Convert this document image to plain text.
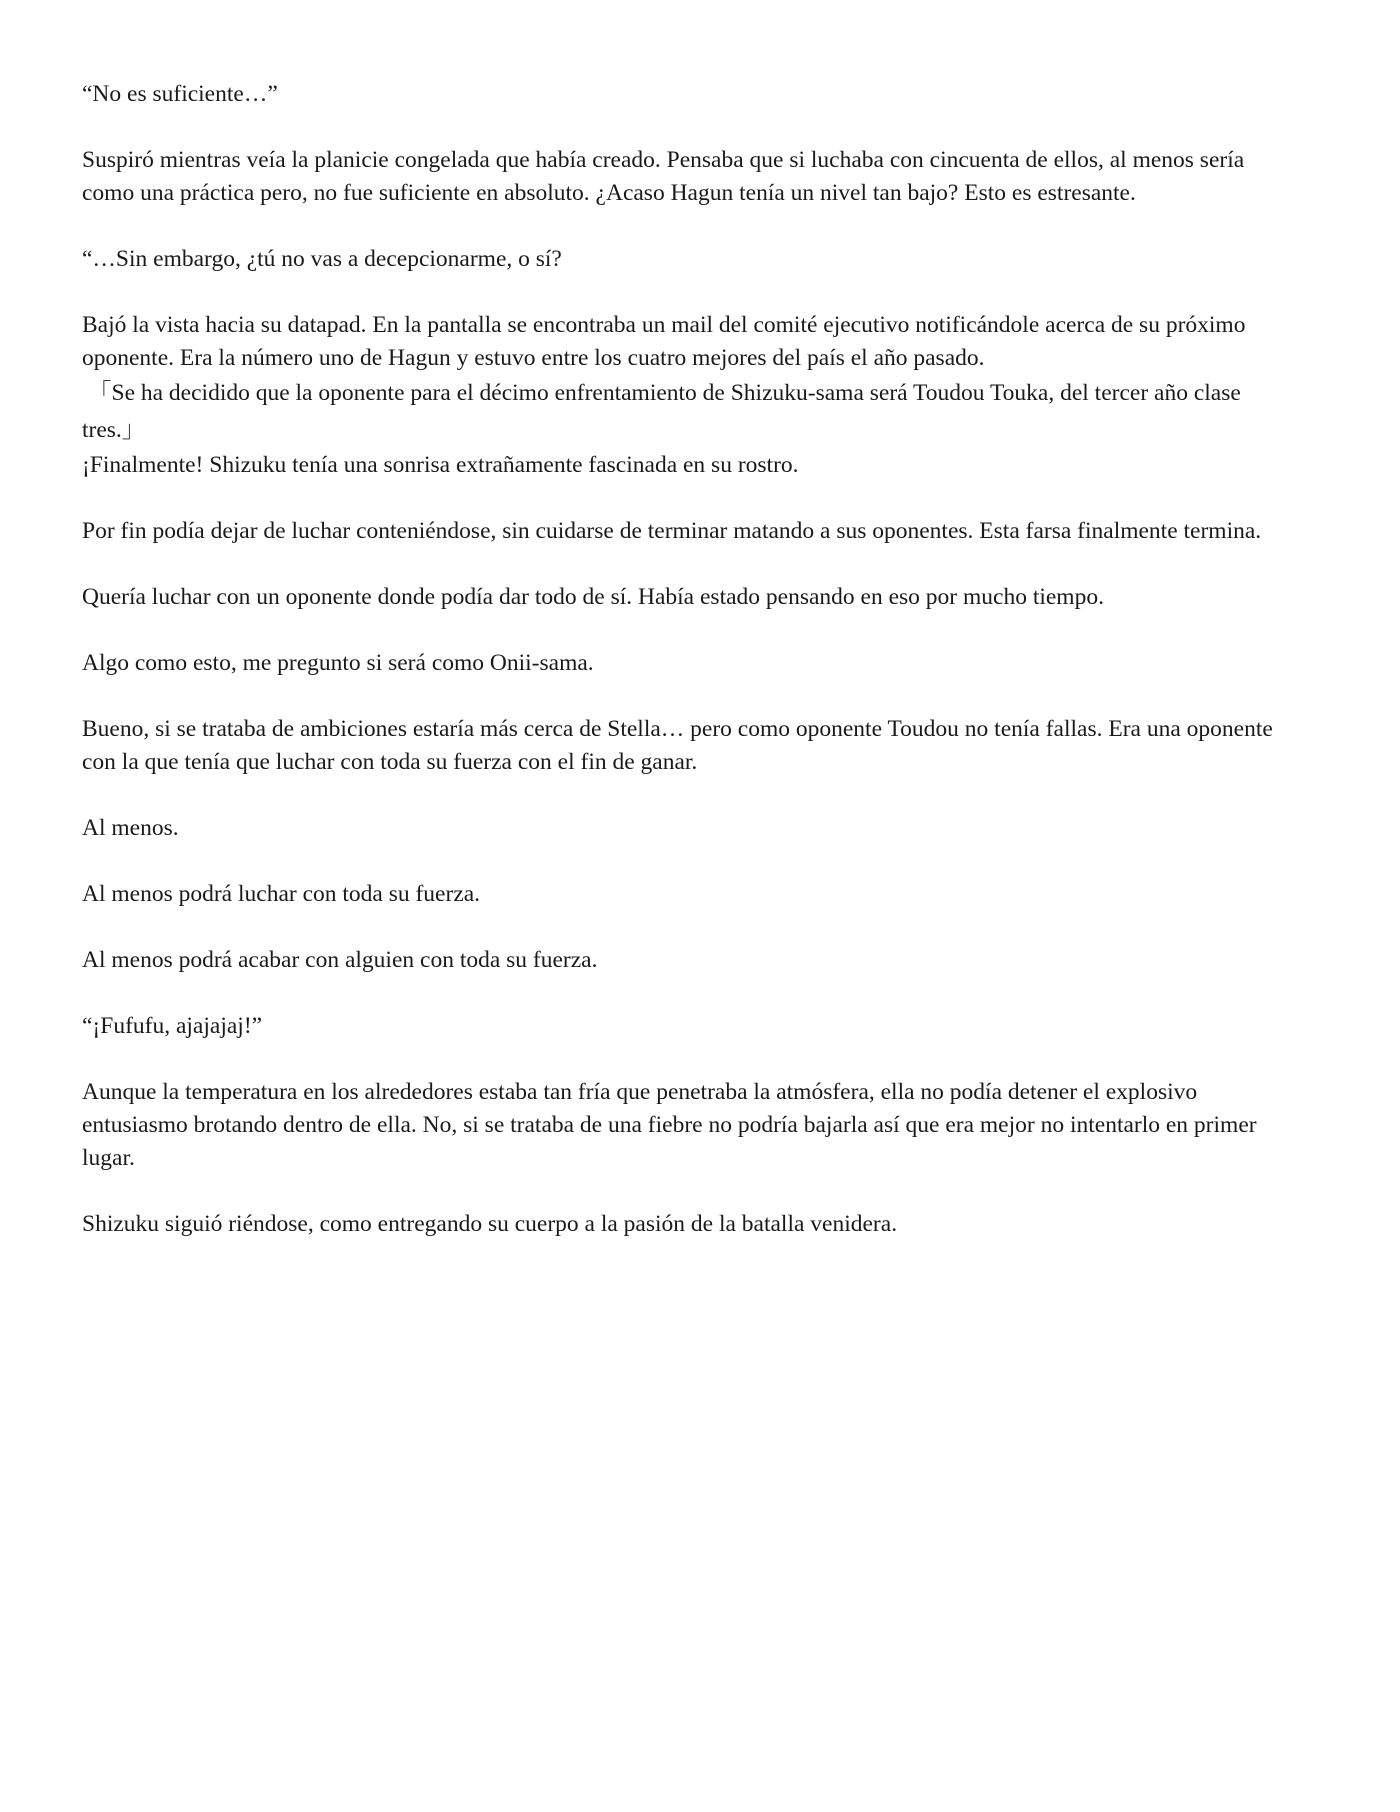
“No es suficiente…”

Suspiró mientras veía la planicie congelada que había creado. Pensaba que si luchaba con cincuenta de ellos, al menos sería como una práctica pero, no fue suficiente en absoluto. ¿Acaso Hagun tenía un nivel tan bajo? Esto es estresante.

“…Sin embargo, ¿tú no vas a decepcionarme, o sí?

Bajó la vista hacia su datapad. En la pantalla se encontraba un mail del comité ejecutivo notificándole acerca de su próximo oponente. Era la número uno de Hagun y estuvo entre los cuatro mejores del país el año pasado.

「Se ha decidido que la oponente para el décimo enfrentamiento de Shizuku-sama será Toudou Touka, del tercer año clase tres.」

¡Finalmente! Shizuku tenía una sonrisa extrañamente fascinada en su rostro.

Por fin podía dejar de luchar conteniéndose, sin cuidarse de terminar matando a sus oponentes. Esta farsa finalmente termina.

Quería luchar con un oponente donde podía dar todo de sí. Había estado pensando en eso por mucho tiempo.

Algo como esto, me pregunto si será como Onii-sama.

Bueno, si se trataba de ambiciones estaría más cerca de Stella… pero como oponente Toudou no tenía fallas. Era una oponente con la que tenía que luchar con toda su fuerza con el fin de ganar.

Al menos.

Al menos podrá luchar con toda su fuerza.

Al menos podrá acabar con alguien con toda su fuerza.

“¡Fufufu, ajajajaj!”

Aunque la temperatura en los alrededores estaba tan fría que penetraba la atmósfera, ella no podía detener el explosivo entusiasmo brotando dentro de ella. No, si se trataba de una fiebre no podría bajarla así que era mejor no intentarlo en primer lugar.

Shizuku siguió riéndose, como entregando su cuerpo a la pasión de la batalla venidera.
